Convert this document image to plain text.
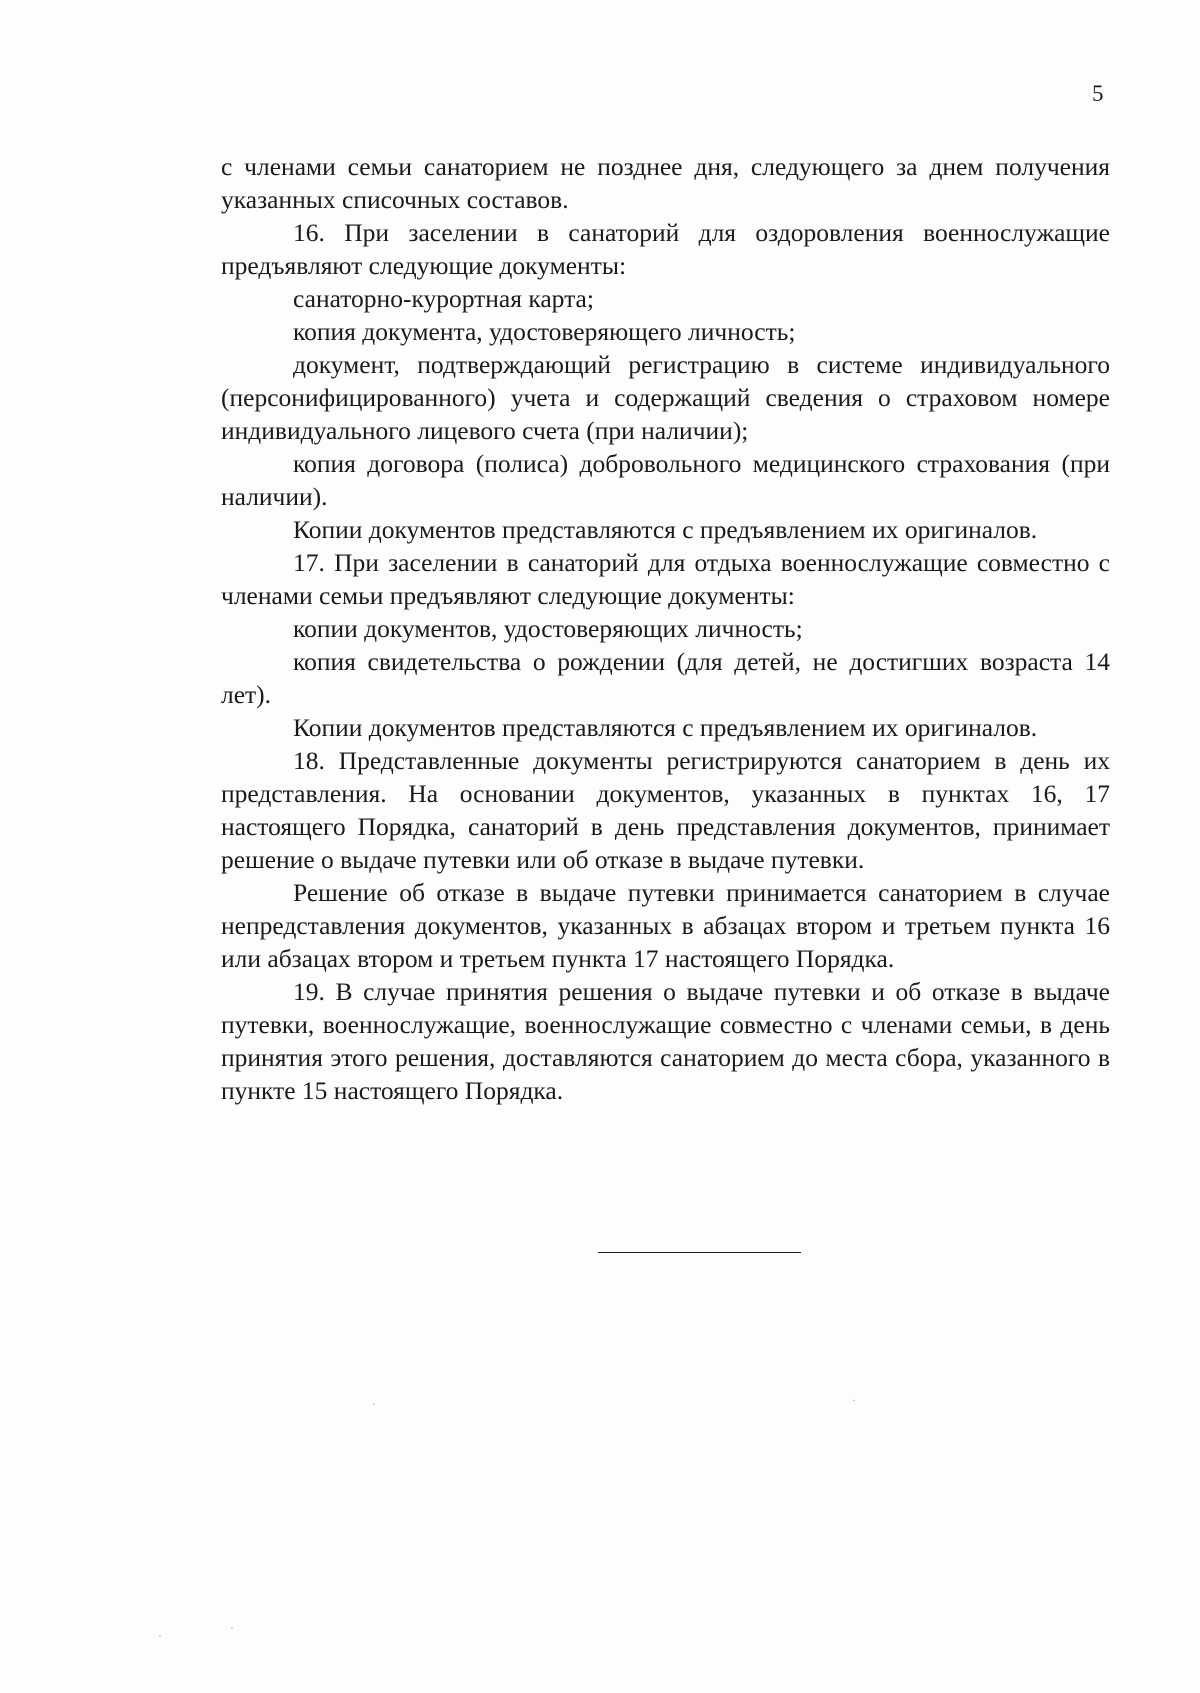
5

с членами семьи санаторием не позднее дня, следующего за днем получения указанных списочных составов.

16. При заселении в санаторий для оздоровления военнослужащие предъявляют следующие документы:

санаторно-курортная карта;

копия документа, удостоверяющего личность;

документ, подтверждающий регистрацию в системе индивидуального (персонифицированного) учета и содержащий сведения о страховом номере индивидуального лицевого счета (при наличии);

копия договора (полиса) добровольного медицинского страхования (при наличии).

Копии документов представляются с предъявлением их оригиналов.

17. При заселении в санаторий для отдыха военнослужащие совместно с членами семьи предъявляют следующие документы:

копии документов, удостоверяющих личность;

копия свидетельства о рождении (для детей, не достигших возраста 14 лет).

Копии документов представляются с предъявлением их оригиналов.

18. Представленные документы регистрируются санаторием в день их представления. На основании документов, указанных в пунктах 16, 17 настоящего Порядка, санаторий в день представления документов, принимает решение о выдаче путевки или об отказе в выдаче путевки.

Решение об отказе в выдаче путевки принимается санаторием в случае непредставления документов, указанных в абзацах втором и третьем пункта 16 или абзацах втором и третьем пункта 17 настоящего Порядка.

19. В случае принятия решения о выдаче путевки и об отказе в выдаче путевки, военнослужащие, военнослужащие совместно с членами семьи, в день принятия этого решения, доставляются санаторием до места сбора, указанного в пункте 15 настоящего Порядка.

·	·
·
·
